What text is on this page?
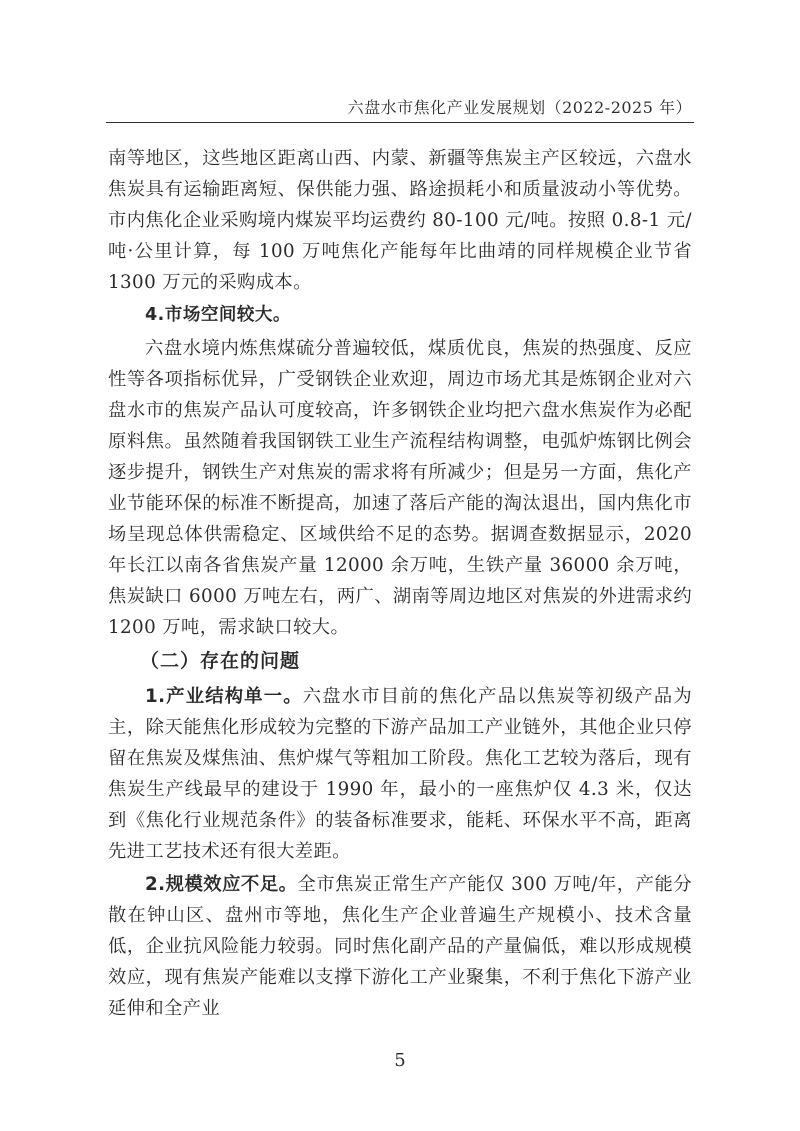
六盘水市焦化产业发展规划（2022-2025 年）

南等地区，这些地区距离山西、内蒙、新疆等焦炭主产区较远，六盘水焦炭具有运输距离短、保供能力强、路途损耗小和质量波动小等优势。市内焦化企业采购境内煤炭平均运费约 80-100 元/吨。按照 0.8-1 元/吨·公里计算，每 100 万吨焦化产能每年比曲靖的同样规模企业节省 1300 万元的采购成本。

4.市场空间较大。

六盘水境内炼焦煤硫分普遍较低，煤质优良，焦炭的热强度、反应性等各项指标优异，广受钢铁企业欢迎，周边市场尤其是炼钢企业对六盘水市的焦炭产品认可度较高，许多钢铁企业均把六盘水焦炭作为必配原料焦。虽然随着我国钢铁工业生产流程结构调整，电弧炉炼钢比例会逐步提升，钢铁生产对焦炭的需求将有所减少；但是另一方面，焦化产业节能环保的标准不断提高，加速了落后产能的淘汰退出，国内焦化市场呈现总体供需稳定、区域供给不足的态势。据调查数据显示，2020 年长江以南各省焦炭产量 12000 余万吨，生铁产量 36000 余万吨，焦炭缺口 6000 万吨左右，两广、湖南等周边地区对焦炭的外进需求约 1200 万吨，需求缺口较大。

（二）存在的问题

1.产业结构单一。六盘水市目前的焦化产品以焦炭等初级产品为主，除天能焦化形成较为完整的下游产品加工产业链外，其他企业只停留在焦炭及煤焦油、焦炉煤气等粗加工阶段。焦化工艺较为落后，现有焦炭生产线最早的建设于 1990 年，最小的一座焦炉仅 4.3 米，仅达到《焦化行业规范条件》的装备标准要求，能耗、环保水平不高，距离先进工艺技术还有很大差距。

2.规模效应不足。全市焦炭正常生产产能仅 300 万吨/年，产能分散在钟山区、盘州市等地，焦化生产企业普遍生产规模小、技术含量低，企业抗风险能力较弱。同时焦化副产品的产量偏低，难以形成规模效应，现有焦炭产能难以支撑下游化工产业聚集，不利于焦化下游产业延伸和全产业

5
